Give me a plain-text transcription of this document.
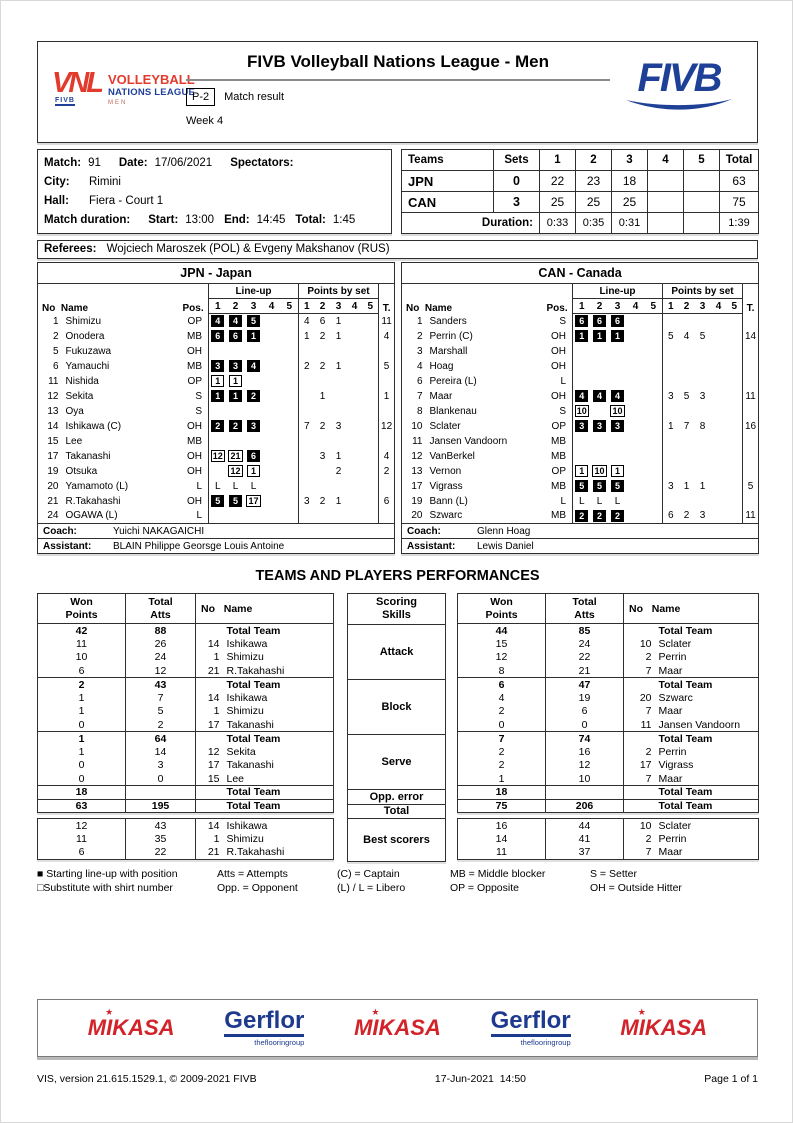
VNL
FIVB
VOLLEYBALL
NATIONS LEAGUE
MEN
FIVB Volleyball Nations League - Men
P-2	Match result
Week 4
FIVB
Match: 91 Date: 17/06/2021 Spectators:
City:	Rimini
Hall:	Fiera - Court 1
Match duration: Start: 13:00 End: 14:45 Total: 1:45
Teams	Sets	1	2	3	4	5	Total
JPN	0	22	23	18			63
CAN	3	25	25	25			75
Duration:		0:33	0:35	0:31			1:39
Referees: Wojciech Maroszek (POL) & Evgeny Makshanov (RUS)
JPN - Japan													
No  Name		Pos.	Line-up					Points by set					T.
			1	2	3	4	5	1	2	3	4	5	
1	Shimizu	OP	4	4	5			4	6	1			11
2	Onodera	MB	6	6	1			1	2	1			4
5	Fukuzawa	OH											
6	Yamauchi	MB	3	3	4			2	2	1			5
11	Nishida	OP	1	1									
12	Sekita	S	1	1	2				1				1
13	Oya	S											
14	Ishikawa (C)	OH	2	2	3			7	2	3			12
15	Lee	MB											
17	Takanashi	OH	12	21	6				3	1			4
19	Otsuka	OH		12	1					2			2
20	Yamamoto (L)	L	L	L	L								
21	R.Takahashi	OH	5	5	17			3	2	1			6
24	OGAWA (L)	L											
Coach: Yuichi NAKAGAICHI													
Assistant: BLAIN Philippe Georsge Louis Antoine													
CAN - Canada													
No  Name		Pos.	Line-up					Points by set					T.
			1	2	3	4	5	1	2	3	4	5	
1	Sanders	S	6	6	6								
2	Perrin (C)	OH	1	1	1			5	4	5			14
3	Marshall	OH											
4	Hoag	OH											
6	Pereira (L)	L											
7	Maar	OH	4	4	4			3	5	3			11
8	Blankenau	S	10		10								
10	Sclater	OP	3	3	3			1	7	8			16
11	Jansen Vandoorn	MB											
12	VanBerkel	MB											
13	Vernon	OP	1	10	1								
17	Vigrass	MB	5	5	5			3	1	1			5
19	Bann (L)	L	L	L	L								
20	Szwarc	MB	2	2	2			6	2	3			11
Coach: Glenn Hoag													
Assistant: Lewis Daniel													
TEAMS AND PLAYERS PERFORMANCES
Won Points	Total Atts	No   Name	
42	88		Total Team
11	26	14	Ishikawa
10	24	1	Shimizu
6	12	21	R.Takahashi
2	43		Total Team
1	7	14	Ishikawa
1	5	1	Shimizu
0	2	17	Takanashi
1	64		Total Team
1	14	12	Sekita
0	3	17	Takanashi
0	0	15	Lee
18			Total Team
63	195		Total Team
Scoring Skills
Attack
Block
Serve
Opp. error
Total
Won Points	Total Atts	No   Name	
44	85		Total Team
15	24	10	Sclater
12	22	2	Perrin
8	21	7	Maar
6	47		Total Team
4	19	20	Szwarc
2	6	7	Maar
0	0	11	Jansen Vandoorn
7	74		Total Team
2	16	2	Perrin
2	12	17	Vigrass
1	10	7	Maar
18			Total Team
75	206		Total Team
12	43	14	Ishikawa
11	35	1	Shimizu
6	22	21	R.Takahashi
Best scorers
16	44	10	Sclater
14	41	2	Perrin
11	37	7	Maar
■ Starting line-up with position	Atts = Attempts	(C) = Captain	MB = Middle blocker	S = Setter
□Substitute with shirt number	Opp. = Opponent	(L) / L = Libero	OP = Opposite	OH = Outside Hitter
MI
★
KASA Gerflor
theflooringroup
MI
★
KASA Gerflor
theflooringroup
MI
★
KASA
VIS, version 21.615.1529.1, © 2009-2021 FIVB	17-Jun-2021  14:50	Page 1 of 1
